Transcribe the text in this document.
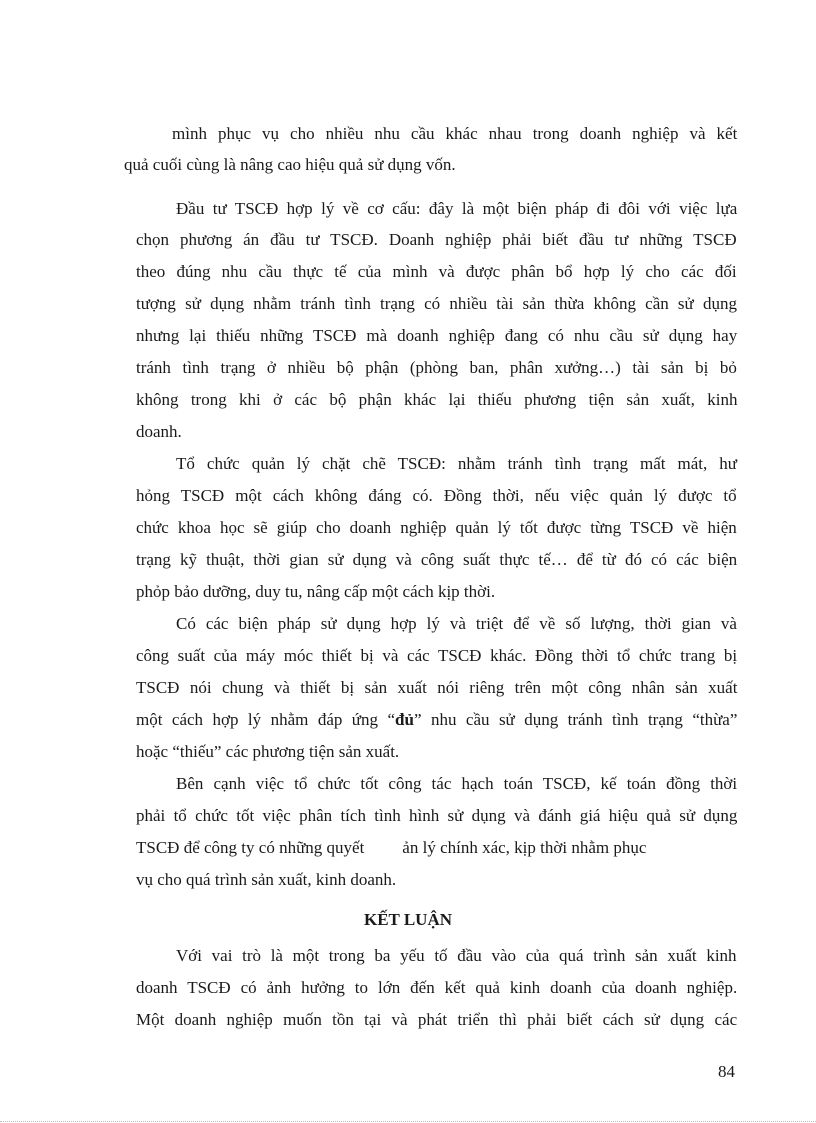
mình phục vụ cho nhiều nhu cầu khác nhau trong doanh nghiệp và kết
quả cuối cùng là nâng cao hiệu quả sử dụng vốn.
Đầu tư TSCĐ hợp lý về cơ cấu: đây là một biện pháp đi đôi với việc lựa
chọn phương án đầu tư TSCĐ. Doanh nghiệp phải biết đầu tư những TSCĐ
theo đúng nhu cầu thực tế của mình và được phân bổ hợp lý cho các đối
tượng sử dụng nhằm tránh tình trạng có nhiều tài sản thừa không cần sử dụng
nhưng lại thiếu những TSCĐ mà doanh nghiệp đang có nhu cầu sử dụng hay
tránh tình trạng ở nhiều bộ phận (phòng ban, phân xưởng…) tài sản bị bỏ
không trong khi ở các bộ phận khác lại thiếu phương tiện sản xuất, kinh
doanh.
Tổ chức quản lý chặt chẽ TSCĐ: nhằm tránh tình trạng mất mát, hư
hỏng TSCĐ một cách không đáng có. Đồng thời, nếu việc quản lý được tổ
chức khoa học sẽ giúp cho doanh nghiệp quản lý tốt được từng TSCĐ về hiện
trạng kỹ thuật, thời gian sử dụng và công suất thực tế… để từ đó có các biện
phỏp bảo dưỡng, duy tu, nâng cấp một cách kịp thời.
Có các biện pháp sử dụng hợp lý và triệt để về số lượng, thời gian và
công suất của máy móc thiết bị và các TSCĐ khác. Đồng thời tổ chức trang bị
TSCĐ nói chung và thiết bị sản xuất nói riêng trên một công nhân sản xuất
một cách hợp lý nhằm đáp ứng “đủ” nhu cầu sử dụng tránh tình trạng “thừa”
hoặc “thiếu” các phương tiện sản xuất.
Bên cạnh việc tổ chức tốt công tác hạch toán TSCĐ, kế toán đồng thời
phải tổ chức tốt việc phân tích tình hình sử dụng và đánh giá hiệu quả sử dụng
TSCĐ để công ty có những quyết ản lý chính xác, kịp thời nhằm phục
vụ cho quá trình sản xuất, kinh doanh.
KẾT LUẬN
Với vai trò là một trong ba yếu tố đầu vào của quá trình sản xuất kinh
doanh TSCĐ có ảnh hưởng to lớn đến kết quả kinh doanh của doanh nghiệp.
Một doanh nghiệp muốn tồn tại và phát triển thì phải biết cách sử dụng các
84
